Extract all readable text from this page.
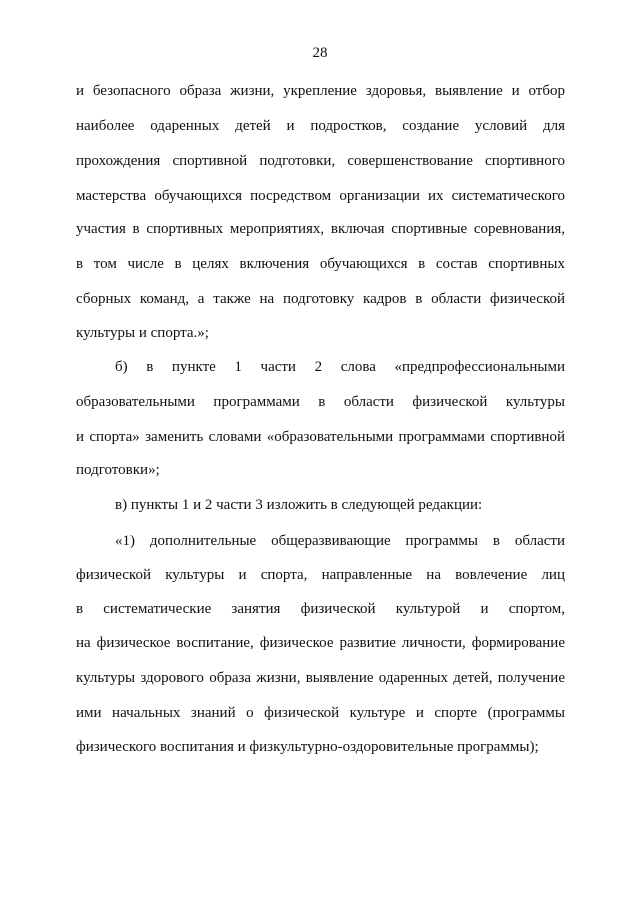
28
и безопасного образа жизни, укрепление здоровья, выявление и отбор
наиболее одаренных детей и подростков, создание условий для
прохождения спортивной подготовки, совершенствование спортивного
мастерства обучающихся посредством организации их систематического
участия в спортивных мероприятиях, включая спортивные соревнования,
в том числе в целях включения обучающихся в состав спортивных
сборных команд, а также на подготовку кадров в области физической
культуры и спорта.»;
б) в пункте 1 части 2 слова «предпрофессиональными
образовательными программами в области физической культуры
и спорта» заменить словами «образовательными программами спортивной
подготовки»;
в) пункты 1 и 2 части 3 изложить в следующей редакции:
«1) дополнительные общеразвивающие программы в области
физической культуры и спорта, направленные на вовлечение лиц
в систематические занятия физической культурой и спортом,
на физическое воспитание, физическое развитие личности, формирование
культуры здорового образа жизни, выявление одаренных детей, получение
ими начальных знаний о физической культуре и спорте (программы
физического воспитания и физкультурно-оздоровительные программы);
